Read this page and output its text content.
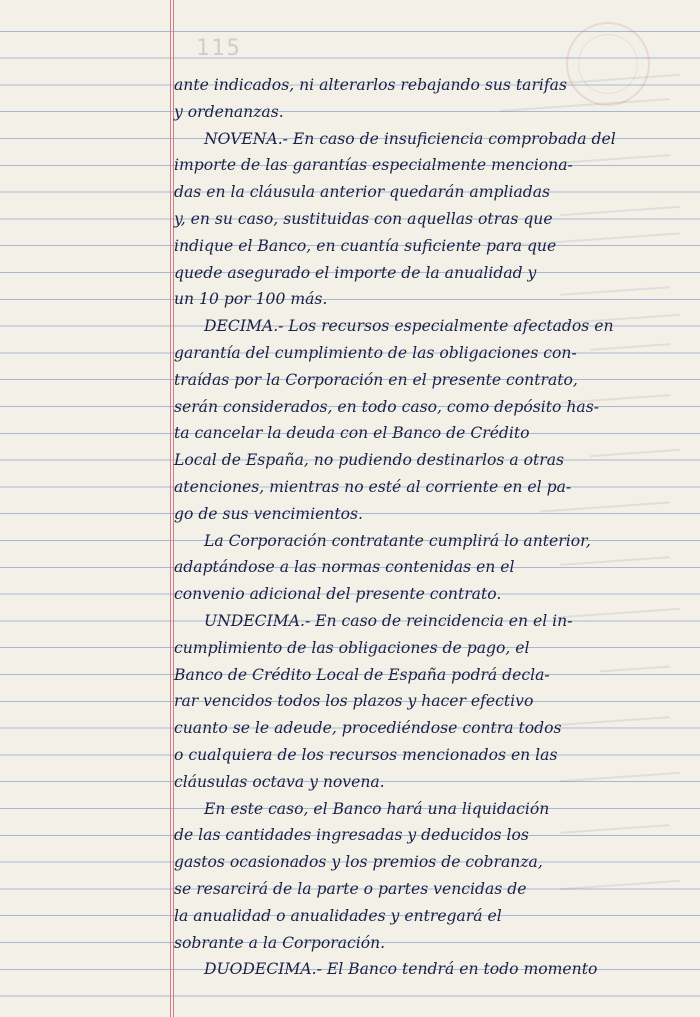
115
ante indicados, ni alterarlos rebajando sus tarifas
y ordenanzas.
NOVENA.- En caso de insuficiencia comprobada del
importe de las garantías especialmente menciona-
das en la cláusula anterior quedarán ampliadas
y, en su caso, sustituidas con aquellas otras que
indique el Banco, en cuantía suficiente para que
quede asegurado el importe de la anualidad y
un 10 por 100 más.
DECIMA.- Los recursos especialmente afectados en
garantía del cumplimiento de las obligaciones con-
traídas por la Corporación en el presente contrato,
serán considerados, en todo caso, como depósito has-
ta cancelar la deuda con el Banco de Crédito
Local de España, no pudiendo destinarlos a otras
atenciones, mientras no esté al corriente en el pa-
go de sus vencimientos.
La Corporación contratante cumplirá lo anterior,
adaptándose a las normas contenidas en el
convenio adicional del presente contrato.
UNDECIMA.- En caso de reincidencia en el in-
cumplimiento de las obligaciones de pago, el
Banco de Crédito Local de España podrá decla-
rar vencidos todos los plazos y hacer efectivo
cuanto se le adeude, procediéndose contra todos
o cualquiera de los recursos mencionados en las
cláusulas octava y novena.
En este caso, el Banco hará una liquidación
de las cantidades ingresadas y deducidos los
gastos ocasionados y los premios de cobranza,
se resarcirá de la parte o partes vencidas de
la anualidad o anualidades y entregará el
sobrante a la Corporación.
DUODECIMA.- El Banco tendrá en todo momento
